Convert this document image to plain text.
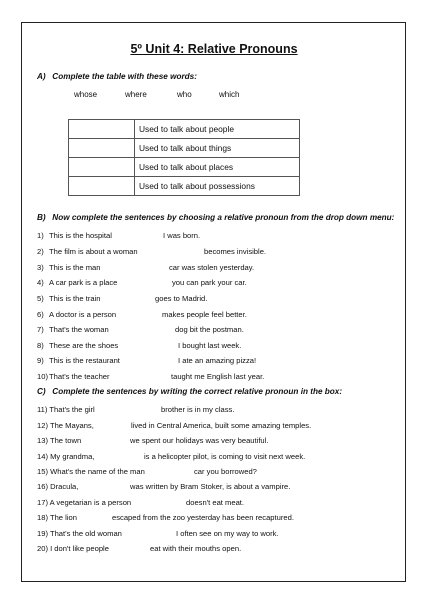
5º Unit 4: Relative Pronouns
A) Complete the table with these words:
whose	where	who	which
	Used to talk about people
	Used to talk about things
	Used to talk about places
	Used to talk about possessions
B) Now complete the sentences by choosing a relative pronoun from the drop down menu:
1) This is the hospital	I was born.
2) The film is about a woman	becomes invisible.
3) This is the man	car was stolen yesterday.
4) A car park is a place	you can park your car.
5) This is the train	goes to Madrid.
6) A doctor is a person	makes people feel better.
7) That's the woman	dog bit the postman.
8) These are the shoes	I bought last week.
9) This is the restaurant	I ate an amazing pizza!
10) That's the teacher	taught me English last year.
C) Complete the sentences by writing the correct relative pronoun in the box:
11) That's the girl	brother is in my class.
12) The Mayans,	lived in Central America, built some amazing temples.
13) The town	we spent our holidays was very beautiful.
14) My grandma,	is a helicopter pilot, is coming to visit next week.
15) What's the name of the man	car you borrowed?
16) Dracula,	was written by Bram Stoker, is about a vampire.
17) A vegetarian is a person	doesn't eat meat.
18) The lion	escaped from the zoo yesterday has been recaptured.
19) That's the old woman	I often see on my way to work.
20) I don't like people	eat with their mouths open.
